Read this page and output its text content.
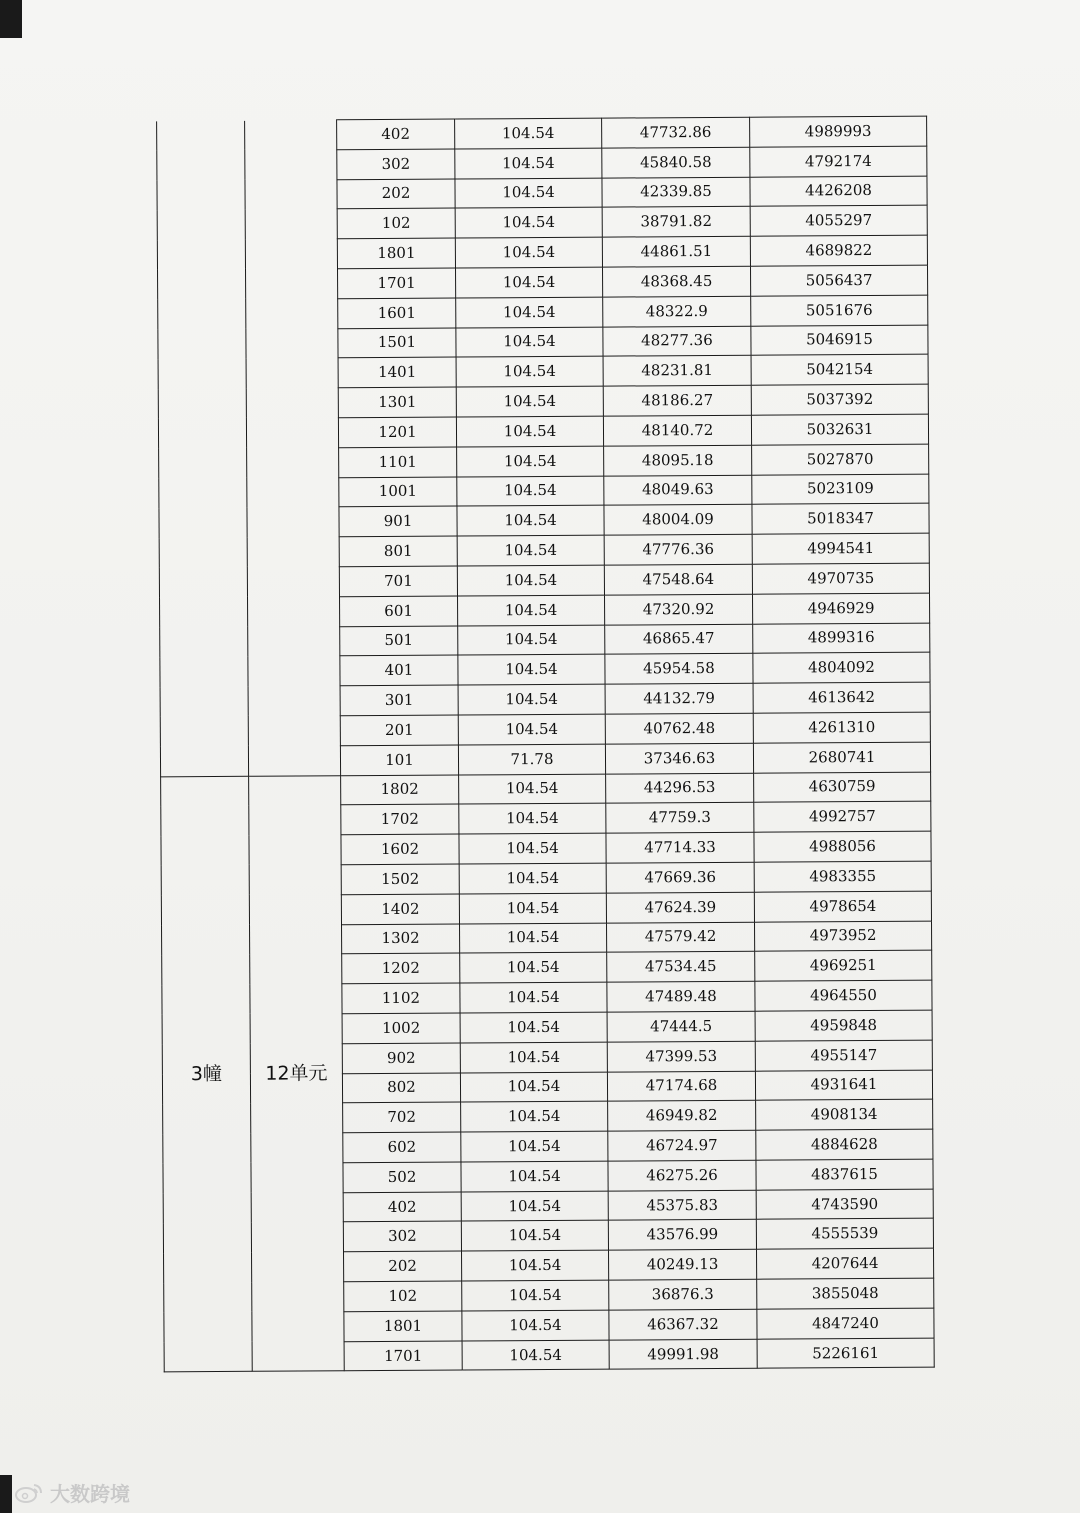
		402	104.54	47732.86	4989993
		302	104.54	45840.58	4792174
		202	104.54	42339.85	4426208
		102	104.54	38791.82	4055297
		1801	104.54	44861.51	4689822
		1701	104.54	48368.45	5056437
		1601	104.54	48322.9	5051676
		1501	104.54	48277.36	5046915
		1401	104.54	48231.81	5042154
		1301	104.54	48186.27	5037392
		1201	104.54	48140.72	5032631
		1101	104.54	48095.18	5027870
		1001	104.54	48049.63	5023109
		901	104.54	48004.09	5018347
		801	104.54	47776.36	4994541
		701	104.54	47548.64	4970735
		601	104.54	47320.92	4946929
		501	104.54	46865.47	4899316
		401	104.54	45954.58	4804092
		301	104.54	44132.79	4613642
		201	104.54	40762.48	4261310
		101	71.78	37346.63	2680741
3幢	12单元	1802	104.54	44296.53	4630759
		1702	104.54	47759.3	4992757
		1602	104.54	47714.33	4988056
		1502	104.54	47669.36	4983355
		1402	104.54	47624.39	4978654
		1302	104.54	47579.42	4973952
		1202	104.54	47534.45	4969251
		1102	104.54	47489.48	4964550
		1002	104.54	47444.5	4959848
		902	104.54	47399.53	4955147
		802	104.54	47174.68	4931641
		702	104.54	46949.82	4908134
		602	104.54	46724.97	4884628
		502	104.54	46275.26	4837615
		402	104.54	45375.83	4743590
		302	104.54	43576.99	4555539
		202	104.54	40249.13	4207644
		102	104.54	36876.3	3855048
		1801	104.54	46367.32	4847240
		1701	104.54	49991.98	5226161
大数跨境
